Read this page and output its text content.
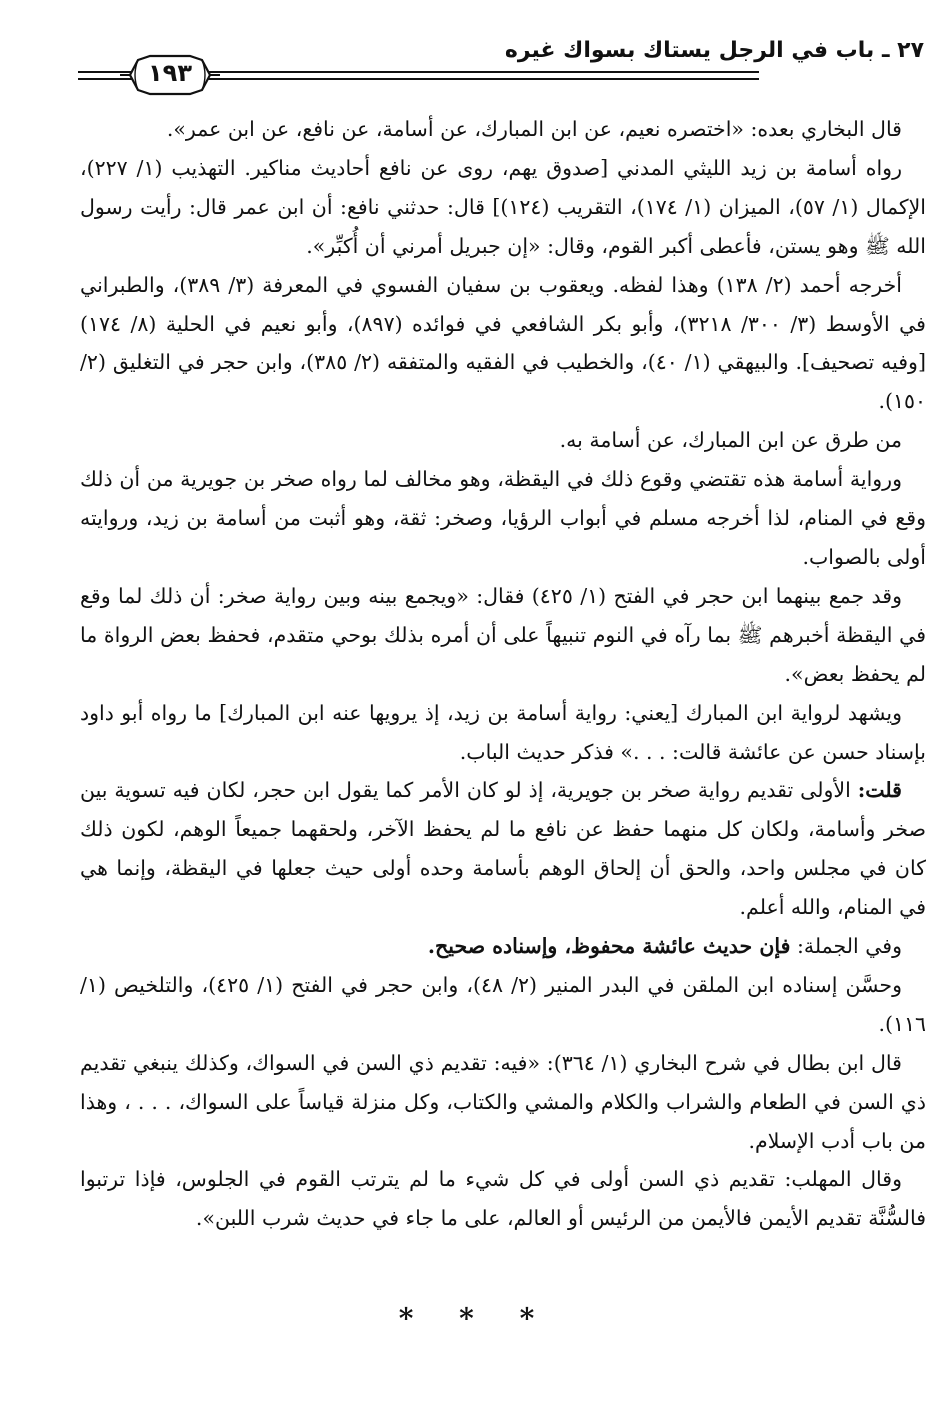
٢٧ ـ باب في الرجل يستاك بسواك غيره
١٩٣

قال البخاري بعده: «اختصره نعيم، عن ابن المبارك، عن أسامة، عن نافع، عن ابن عمر».

رواه أسامة بن زيد الليثي المدني [صدوق يهم، روى عن نافع أحاديث مناكير. التهذيب (١/ ٢٢٧)، الإكمال (١/ ٥٧)، الميزان (١/ ١٧٤)، التقريب (١٢٤)] قال: حدثني نافع: أن ابن عمر قال: رأيت رسول الله ﷺ وهو يستن، فأعطى أكبر القوم، وقال: «إن جبريل أمرني أن أُكبِّر».

أخرجه أحمد (٢/ ١٣٨) وهذا لفظه. ويعقوب بن سفيان الفسوي في المعرفة (٣/ ٣٨٩)، والطبراني في الأوسط (٣/ ٣٠٠/ ٣٢١٨)، وأبو بكر الشافعي في فوائده (٨٩٧)، وأبو نعيم في الحلية (٨/ ١٧٤) [وفيه تصحيف]. والبيهقي (١/ ٤٠)، والخطيب في الفقيه والمتفقه (٢/ ٣٨٥)، وابن حجر في التغليق (٢/ ١٥٠).

من طرق عن ابن المبارك، عن أسامة به.

ورواية أسامة هذه تقتضي وقوع ذلك في اليقظة، وهو مخالف لما رواه صخر بن جويرية من أن ذلك وقع في المنام، لذا أخرجه مسلم في أبواب الرؤيا، وصخر: ثقة، وهو أثبت من أسامة بن زيد، وروايته أولى بالصواب.

وقد جمع بينهما ابن حجر في الفتح (١/ ٤٢٥) فقال: «ويجمع بينه وبين رواية صخر: أن ذلك لما وقع في اليقظة أخبرهم ﷺ بما رآه في النوم تنبيهاً على أن أمره بذلك بوحي متقدم، فحفظ بعض الرواة ما لم يحفظ بعض».

ويشهد لرواية ابن المبارك [يعني: رواية أسامة بن زيد، إذ يرويها عنه ابن المبارك] ما رواه أبو داود بإسناد حسن عن عائشة قالت: . . .» فذكر حديث الباب.

قلت: الأولى تقديم رواية صخر بن جويرية، إذ لو كان الأمر كما يقول ابن حجر، لكان فيه تسوية بين صخر وأسامة، ولكان كل منهما حفظ عن نافع ما لم يحفظ الآخر، ولحقهما جميعاً الوهم، لكون ذلك كان في مجلس واحد، والحق أن إلحاق الوهم بأسامة وحده أولى حيث جعلها في اليقظة، وإنما هي في المنام، والله أعلم.

وفي الجملة: فإن حديث عائشة محفوظ، وإسناده صحيح.

وحسَّن إسناده ابن الملقن في البدر المنير (٢/ ٤٨)، وابن حجر في الفتح (١/ ٤٢٥)، والتلخيص (١/ ١١٦).

قال ابن بطال في شرح البخاري (١/ ٣٦٤): «فيه: تقديم ذي السن في السواك، وكذلك ينبغي تقديم ذي السن في الطعام والشراب والكلام والمشي والكتاب، وكل منزلة قياساً على السواك، . . . ، وهذا من باب أدب الإسلام.

وقال المهلب: تقديم ذي السن أولى في كل شيء ما لم يترتب القوم في الجلوس، فإذا ترتبوا فالسُّنَّة تقديم الأيمن فالأيمن من الرئيس أو العالم، على ما جاء في حديث شرب اللبن».

* * *
